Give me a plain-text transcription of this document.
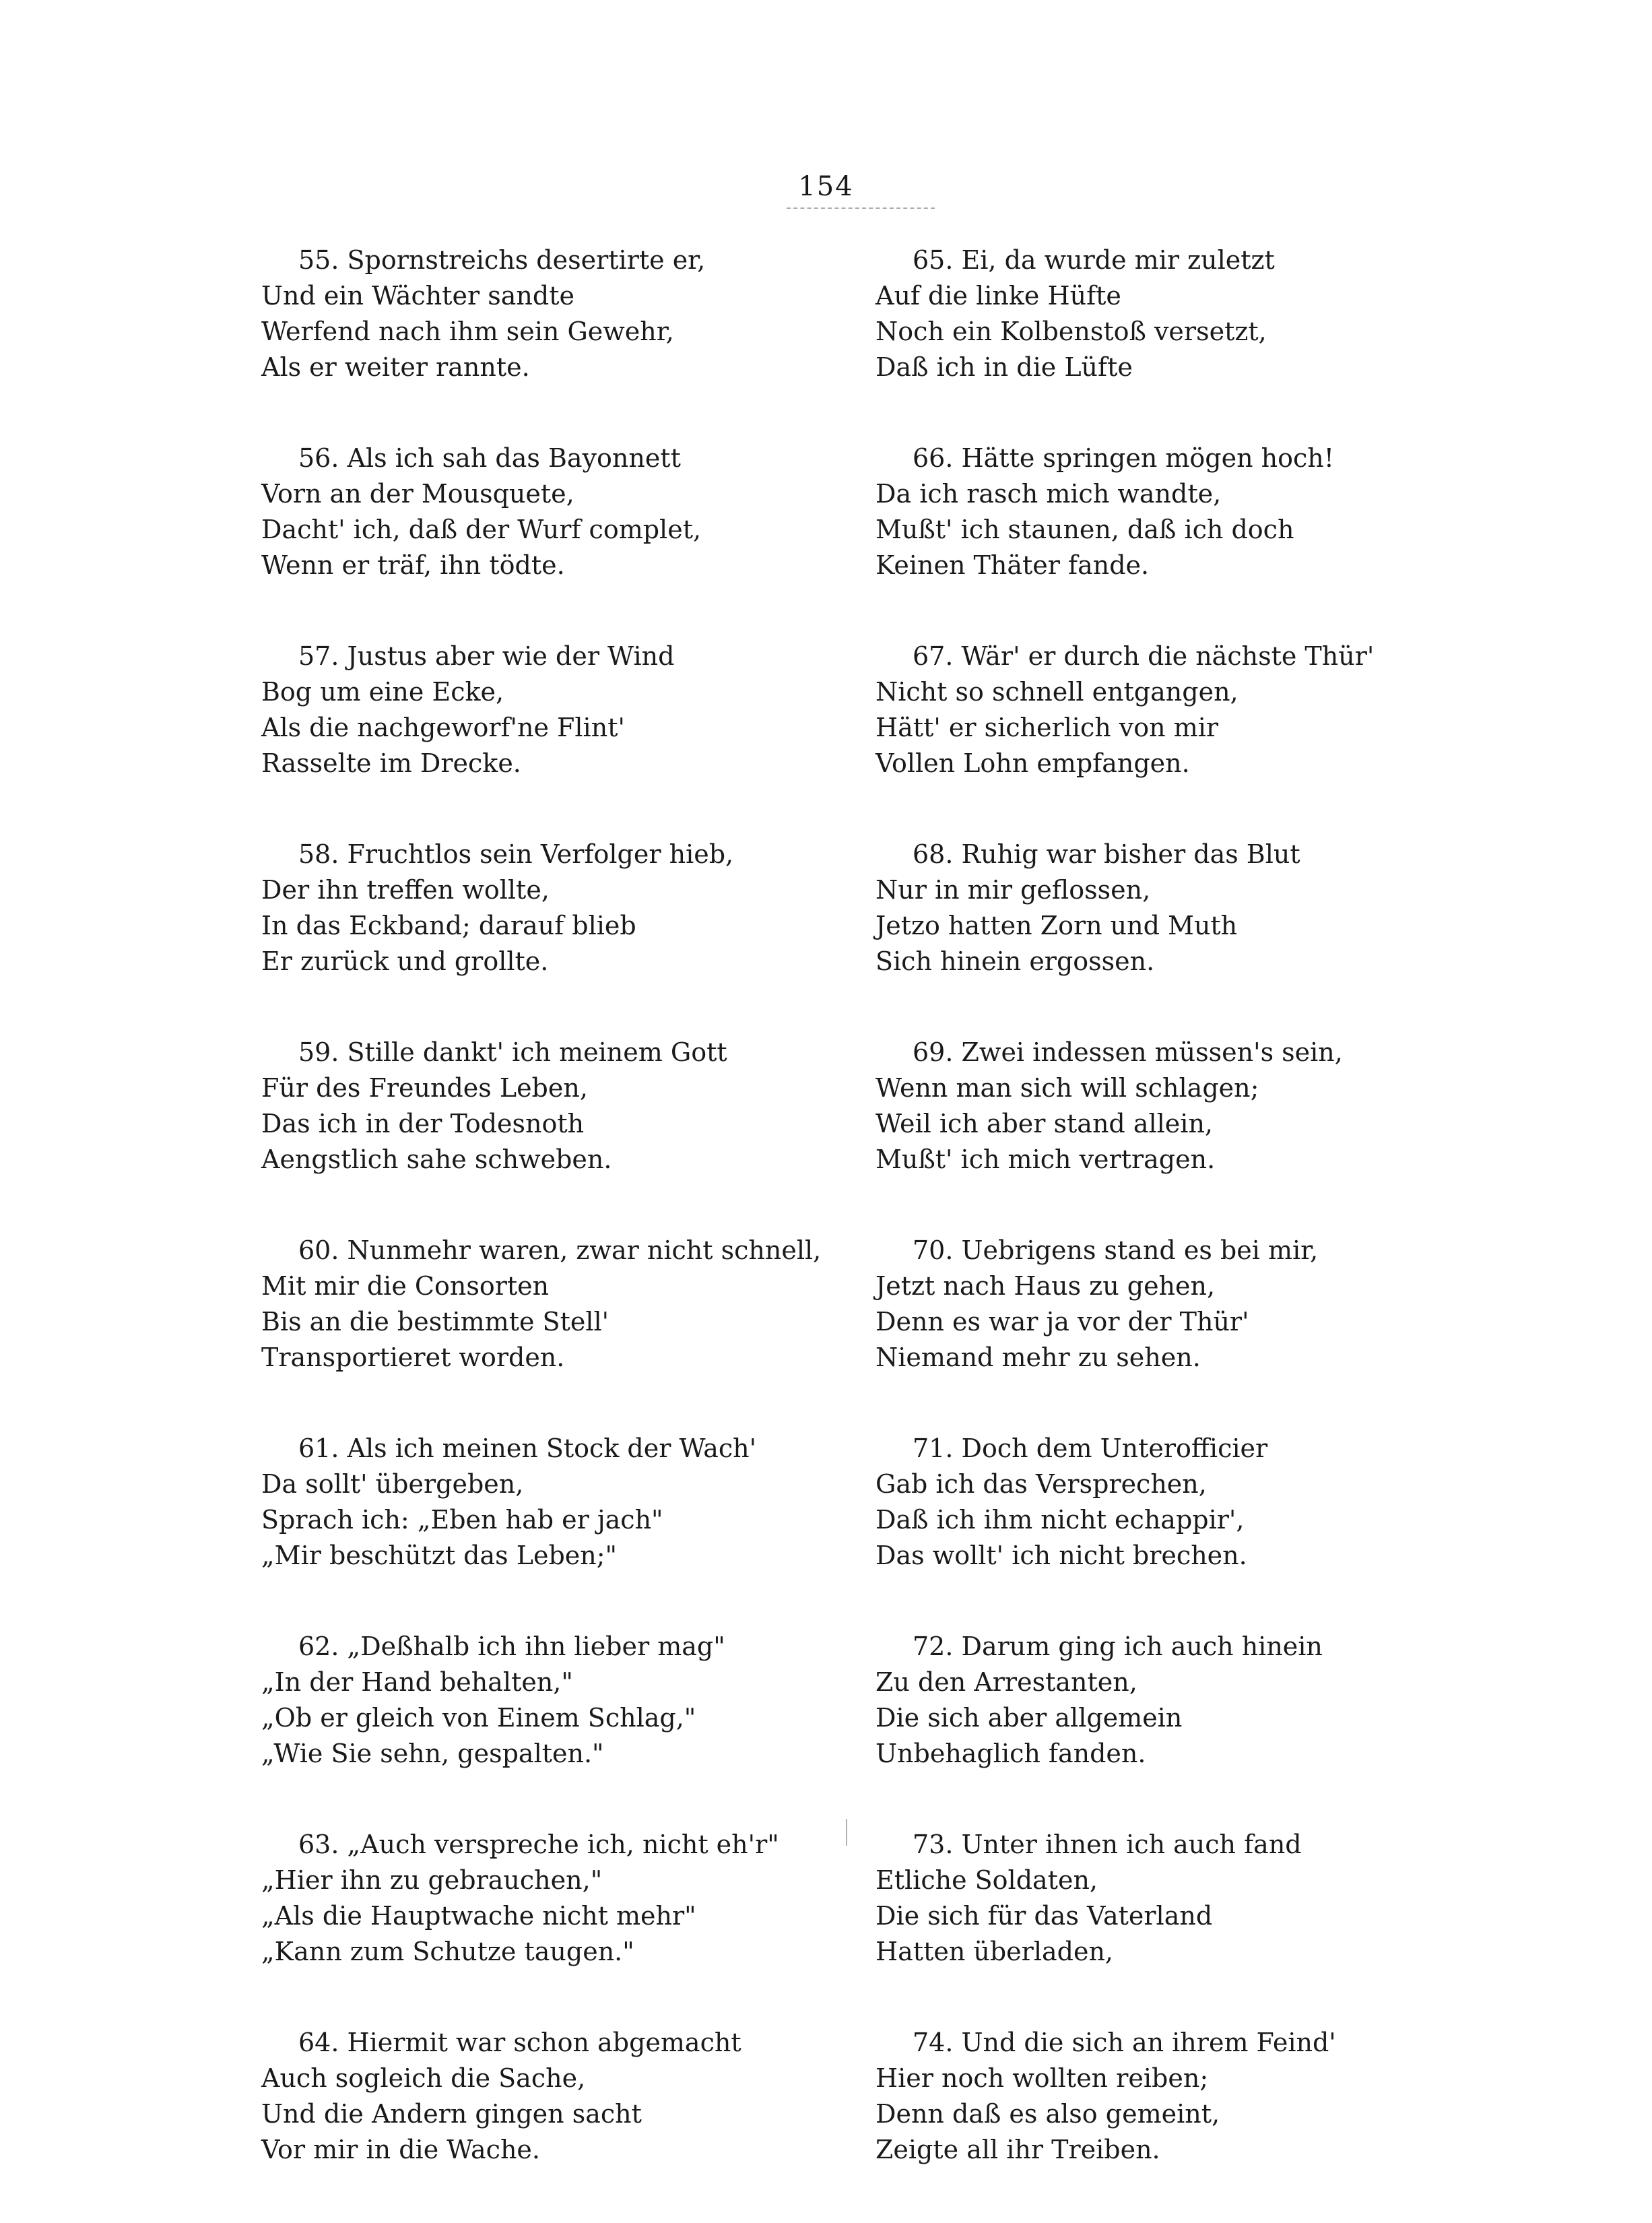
154
55. Spornstreichs desertirte er,
Und ein Wächter sandte
Werfend nach ihm sein Gewehr,
Als er weiter rannte.
56. Als ich sah das Bayonnett
Vorn an der Mousquete,
Dacht' ich, daß der Wurf complet,
Wenn er träf, ihn tödte.
57. Justus aber wie der Wind
Bog um eine Ecke,
Als die nachgeworf'ne Flint'
Rasselte im Drecke.
58. Fruchtlos sein Verfolger hieb,
Der ihn treffen wollte,
In das Eckband; darauf blieb
Er zurück und grollte.
59. Stille dankt' ich meinem Gott
Für des Freundes Leben,
Das ich in der Todesnoth
Aengstlich sahe schweben.
60. Nunmehr waren, zwar nicht schnell,
Mit mir die Consorten
Bis an die bestimmte Stell'
Transportieret worden.
61. Als ich meinen Stock der Wach'
Da sollt' übergeben,
Sprach ich: „Eben hab er jach"
„Mir beschützt das Leben;"
62. „Deßhalb ich ihn lieber mag"
„In der Hand behalten,"
„Ob er gleich von Einem Schlag,"
„Wie Sie sehn, gespalten."
63. „Auch verspreche ich, nicht eh'r"
„Hier ihn zu gebrauchen,"
„Als die Hauptwache nicht mehr"
„Kann zum Schutze taugen."
64. Hiermit war schon abgemacht
Auch sogleich die Sache,
Und die Andern gingen sacht
Vor mir in die Wache.
65. Ei, da wurde mir zuletzt
Auf die linke Hüfte
Noch ein Kolbenstoß versetzt,
Daß ich in die Lüfte
66. Hätte springen mögen hoch!
Da ich rasch mich wandte,
Mußt' ich staunen, daß ich doch
Keinen Thäter fande.
67. Wär' er durch die nächste Thür'
Nicht so schnell entgangen,
Hätt' er sicherlich von mir
Vollen Lohn empfangen.
68. Ruhig war bisher das Blut
Nur in mir geflossen,
Jetzo hatten Zorn und Muth
Sich hinein ergossen.
69. Zwei indessen müssen's sein,
Wenn man sich will schlagen;
Weil ich aber stand allein,
Mußt' ich mich vertragen.
70. Uebrigens stand es bei mir,
Jetzt nach Haus zu gehen,
Denn es war ja vor der Thür'
Niemand mehr zu sehen.
71. Doch dem Unterofficier
Gab ich das Versprechen,
Daß ich ihm nicht echappir',
Das wollt' ich nicht brechen.
72. Darum ging ich auch hinein
Zu den Arrestanten,
Die sich aber allgemein
Unbehaglich fanden.
73. Unter ihnen ich auch fand
Etliche Soldaten,
Die sich für das Vaterland
Hatten überladen,
74. Und die sich an ihrem Feind'
Hier noch wollten reiben;
Denn daß es also gemeint,
Zeigte all ihr Treiben.
